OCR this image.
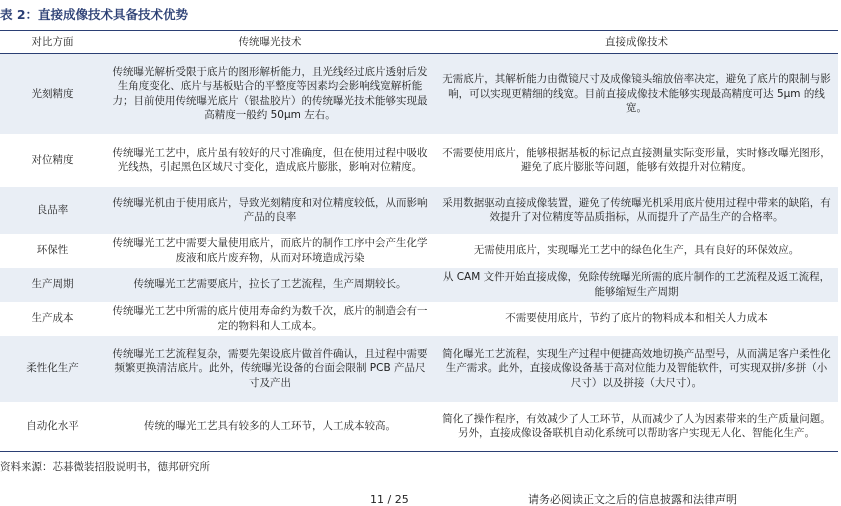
表 2：直接成像技术具备技术优势
对比方面	传统曝光技术	直接成像技术
光刻精度	传统曝光解析受限于底片的图形解析能力，且光线经过底片透射后发生角度变化、底片与基板贴合的平整度等因素均会影响线宽解析能力；目前使用传统曝光底片（银盐胶片）的传统曝光技术能够实现最高精度一般约 50μm 左右。	无需底片，其解析能力由微镜尺寸及成像镜头缩放倍率决定，避免了底片的限制与影响，可以实现更精细的线宽。目前直接成像技术能够实现最高精度可达 5μm 的线宽。
对位精度	传统曝光工艺中，底片虽有较好的尺寸准确度，但在使用过程中吸收光线热，引起黑色区域尺寸变化，造成底片膨胀，影响对位精度。	不需要使用底片，能够根据基板的标记点直接测量实际变形量，实时修改曝光图形，避免了底片膨胀等问题，能够有效提升对位精度。
良品率	传统曝光机由于使用底片，导致光刻精度和对位精度较低，从而影响产品的良率	采用数据驱动直接成像装置，避免了传统曝光机采用底片使用过程中带来的缺陷，有效提升了对位精度等品质指标，从而提升了产品生产的合格率。
环保性	传统曝光工艺中需要大量使用底片，而底片的制作工序中会产生化学废液和底片废弃物，从而对环境造成污染	无需使用底片，实现曝光工艺中的绿色化生产，具有良好的环保效应。
生产周期	传统曝光工艺需要底片，拉长了工艺流程，生产周期较长。	从 CAM 文件开始直接成像，免除传统曝光所需的底片制作的工艺流程及返工流程，能够缩短生产周期
生产成本	传统曝光工艺中所需的底片使用寿命约为数千次，底片的制造会有一定的物料和人工成本。	不需要使用底片，节约了底片的物料成本和相关人力成本
柔性化生产	传统曝光工艺流程复杂，需要先架设底片做首件确认，且过程中需要频繁更换清洁底片。此外，传统曝光设备的台面会限制 PCB 产品尺寸及产出	简化曝光工艺流程，实现生产过程中便捷高效地切换产品型号，从而满足客户柔性化生产需求。此外，直接成像设备基于高对位能力及智能软件，可实现双拼/多拼（小尺寸）以及拼接（大尺寸）。
自动化水平	传统的曝光工艺具有较多的人工环节，人工成本较高。	简化了操作程序，有效减少了人工环节，从而减少了人为因素带来的生产质量问题。另外，直接成像设备联机自动化系统可以帮助客户实现无人化、智能化生产。
资料来源：芯碁微装招股说明书，德邦研究所
11 / 25	请务必阅读正文之后的信息披露和法律声明
